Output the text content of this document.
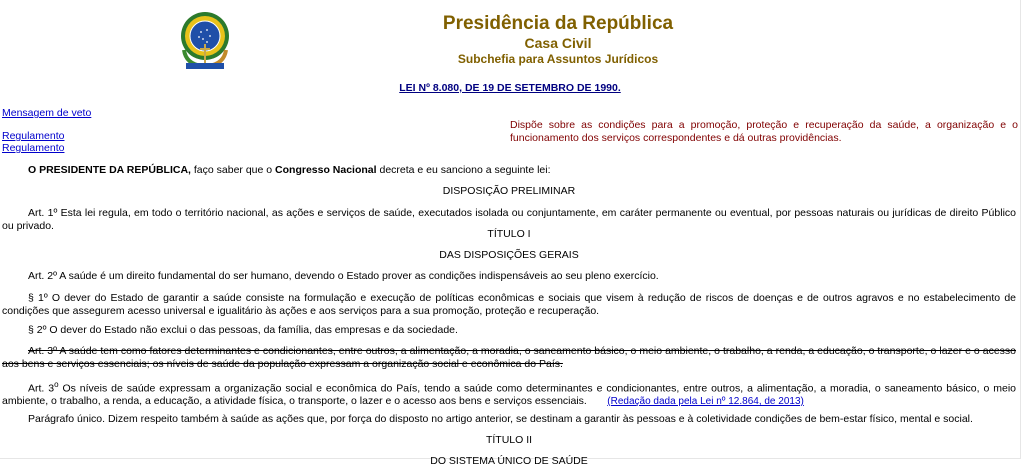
Presidência da República
Casa Civil
Subchefia para Assuntos Jurídicos
LEI Nº 8.080, DE 19 DE SETEMBRO DE 1990.
Mensagem de veto
Regulamento
Regulamento
Dispõe sobre as condições para a promoção, proteção e recuperação da saúde, a organização e o funcionamento dos serviços correspondentes e dá outras providências.
O PRESIDENTE DA REPÚBLICA, faço saber que o Congresso Nacional decreta e eu sanciono a seguinte lei:
DISPOSIÇÃO PRELIMINAR
Art. 1º Esta lei regula, em todo o território nacional, as ações e serviços de saúde, executados isolada ou conjuntamente, em caráter permanente ou eventual, por pessoas naturais ou jurídicas de direito Público ou privado.
TÍTULO I
DAS DISPOSIÇÕES GERAIS
Art. 2º A saúde é um direito fundamental do ser humano, devendo o Estado prover as condições indispensáveis ao seu pleno exercício.
§ 1º O dever do Estado de garantir a saúde consiste na formulação e execução de políticas econômicas e sociais que visem à redução de riscos de doenças e de outros agravos e no estabelecimento de condições que assegurem acesso universal e igualitário às ações e aos serviços para a sua promoção, proteção e recuperação.
§ 2º O dever do Estado não exclui o das pessoas, da família, das empresas e da sociedade.
Art. 3º A saúde tem como fatores determinantes e condicionantes, entre outros, a alimentação, a moradia, o saneamento básico, o meio ambiente, o trabalho, a renda, a educação, o transporte, o lazer e o acesso aos bens e serviços essenciais; os níveis de saúde da população expressam a organização social e econômica do País.
Art. 3$^o$ Os níveis de saúde expressam a organização social e econômica do País, tendo a saúde como determinantes e condicionantes, entre outros, a alimentação, a moradia, o saneamento básico, o meio ambiente, o trabalho, a renda, a educação, a atividade física, o transporte, o lazer e o acesso aos bens e serviços essenciais. (Redação dada pela Lei nº 12.864, de 2013)
Parágrafo único. Dizem respeito também à saúde as ações que, por força do disposto no artigo anterior, se destinam a garantir às pessoas e à coletividade condições de bem-estar físico, mental e social.
TÍTULO II
DO SISTEMA ÚNICO DE SAÚDE
